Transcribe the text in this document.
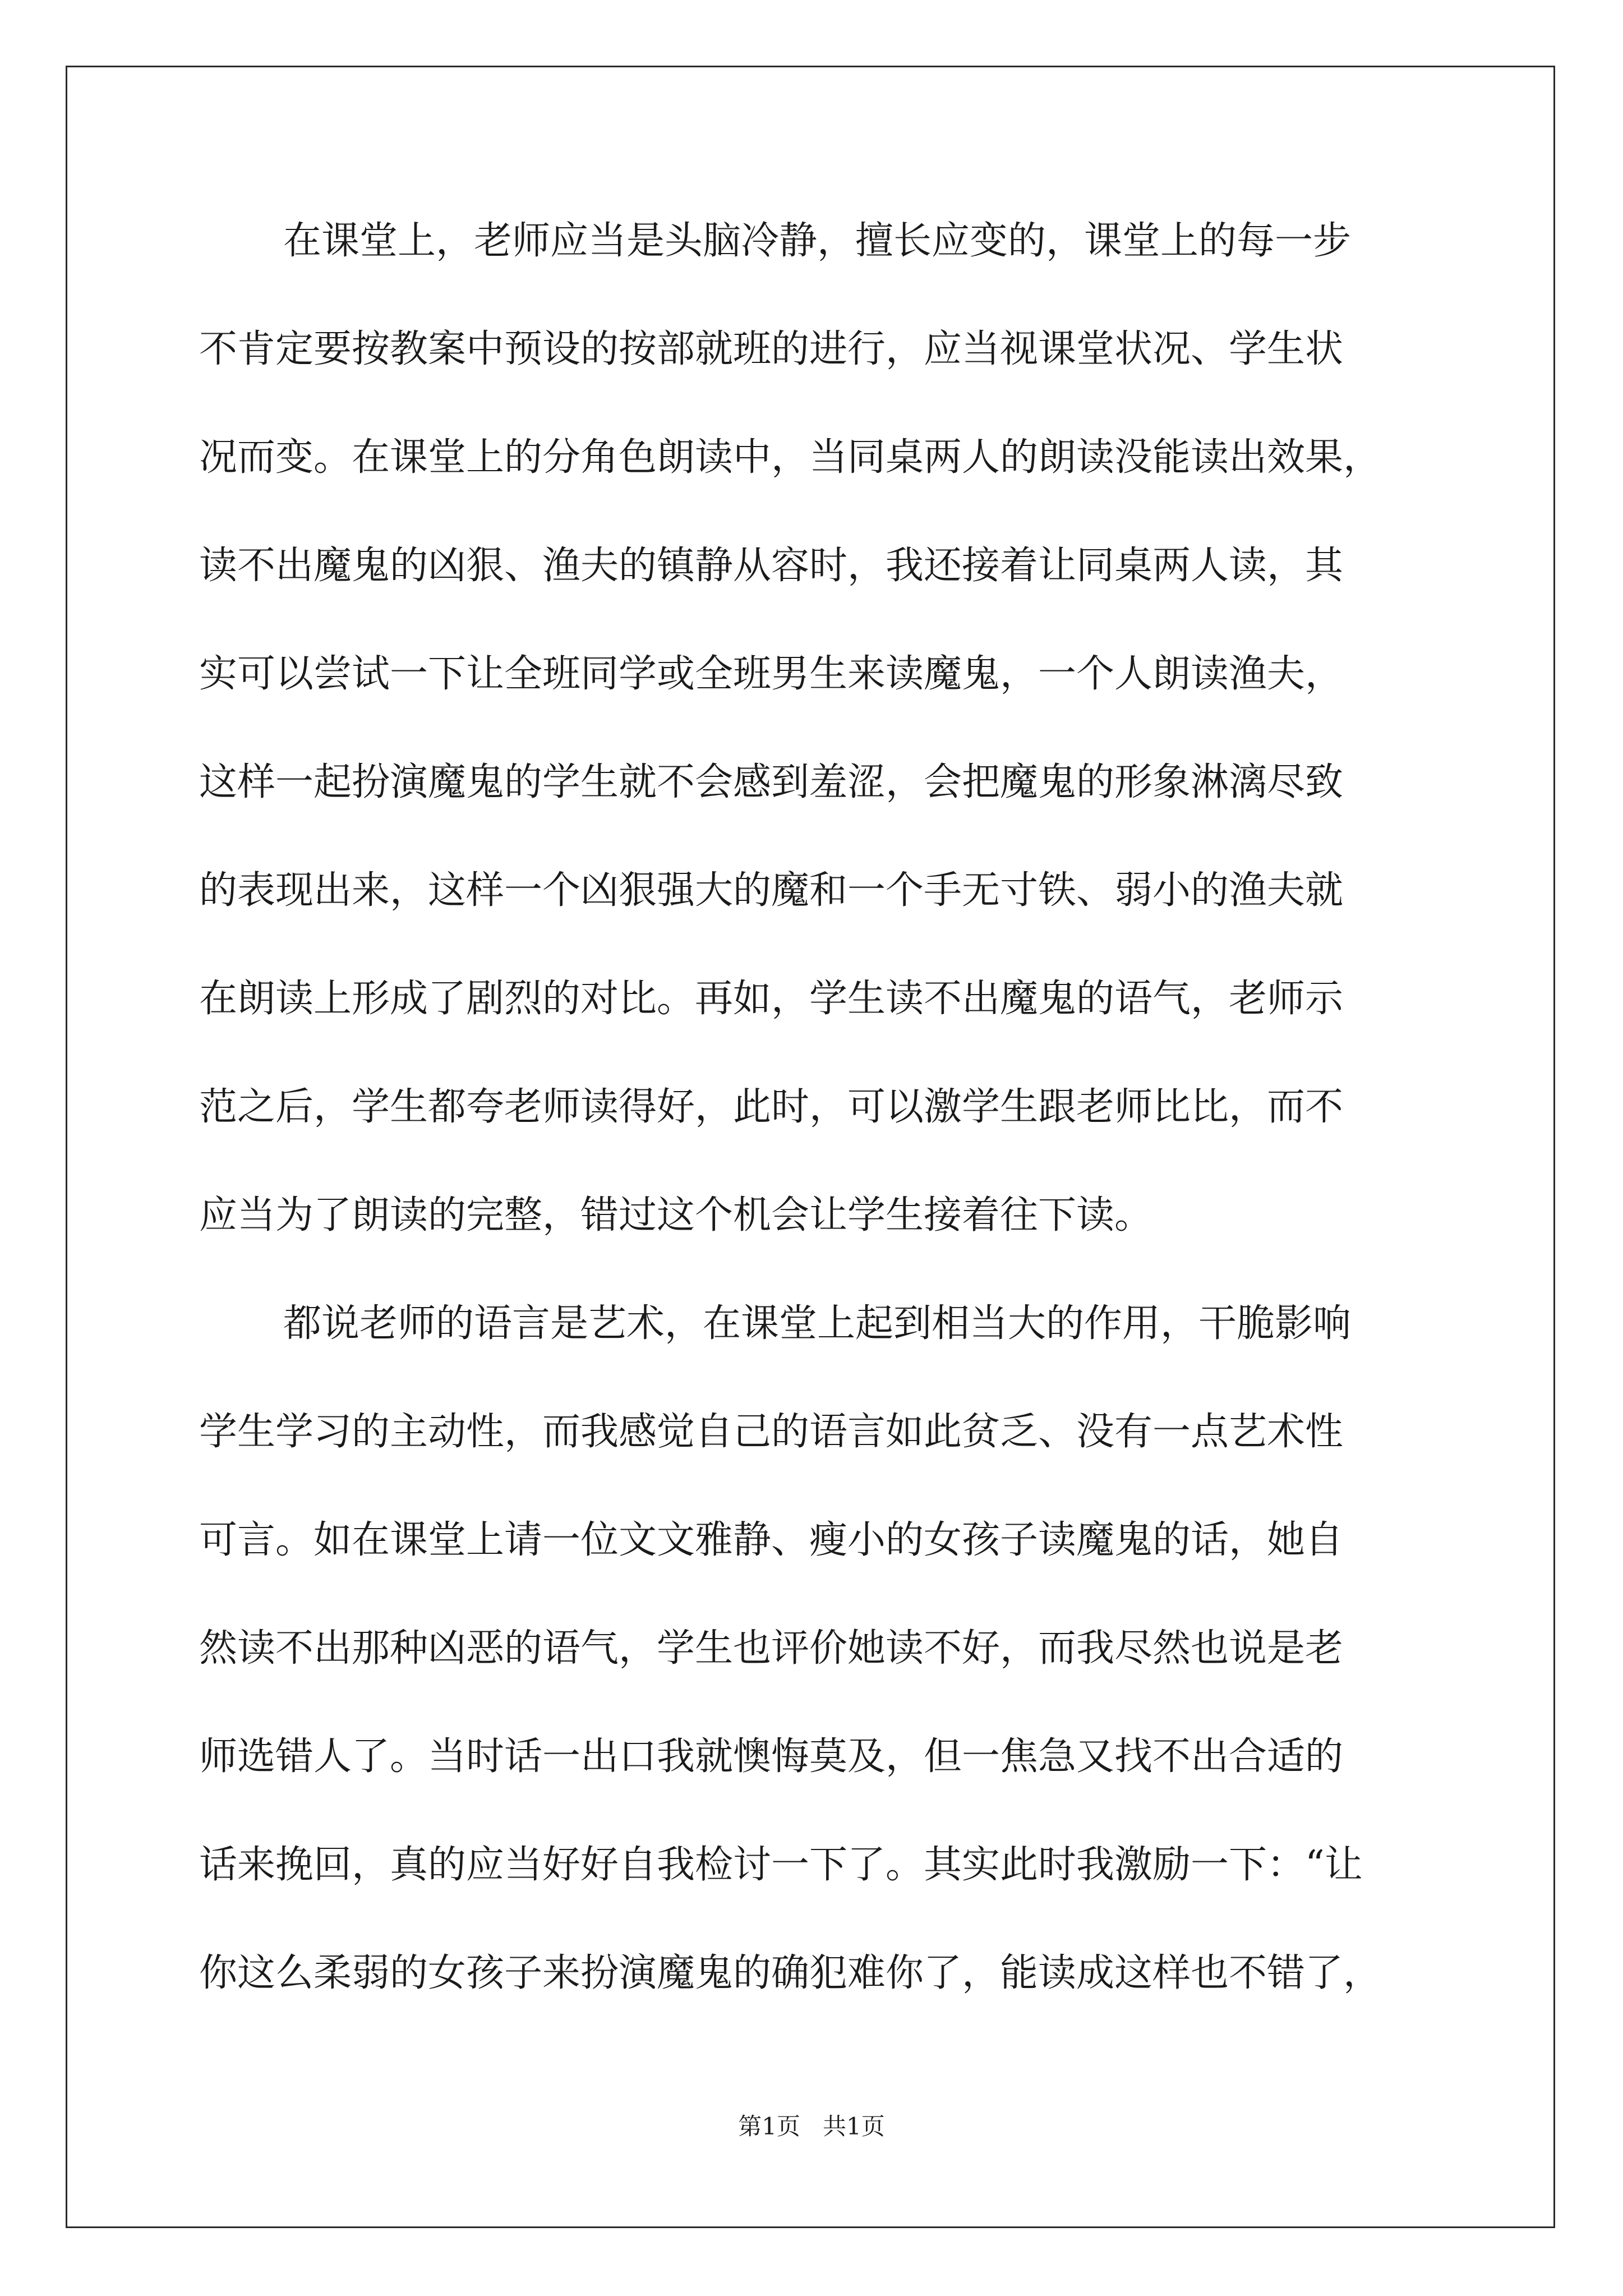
在课堂上，老师应当是头脑冷静，擅长应变的，课堂上的每一步
不肯定要按教案中预设的按部就班的进行，应当视课堂状况、学生状
况而变。在课堂上的分角色朗读中，当同桌两人的朗读没能读出效果，
读不出魔鬼的凶狠、渔夫的镇静从容时，我还接着让同桌两人读，其
实可以尝试一下让全班同学或全班男生来读魔鬼，一个人朗读渔夫，
这样一起扮演魔鬼的学生就不会感到羞涩，会把魔鬼的形象淋漓尽致
的表现出来，这样一个凶狠强大的魔和一个手无寸铁、弱小的渔夫就
在朗读上形成了剧烈的对比。再如，学生读不出魔鬼的语气，老师示
范之后，学生都夸老师读得好，此时，可以激学生跟老师比比，而不
应当为了朗读的完整，错过这个机会让学生接着往下读。
都说老师的语言是艺术，在课堂上起到相当大的作用，干脆影响
学生学习的主动性，而我感觉自己的语言如此贫乏、没有一点艺术性
可言。如在课堂上请一位文文雅静、瘦小的女孩子读魔鬼的话，她自
然读不出那种凶恶的语气，学生也评价她读不好，而我尽然也说是老
师选错人了。当时话一出口我就懊悔莫及，但一焦急又找不出合适的
话来挽回，真的应当好好自我检讨一下了。其实此时我激励一下：“让
你这么柔弱的女孩子来扮演魔鬼的确犯难你了，能读成这样也不错了，
第1页   共1页
